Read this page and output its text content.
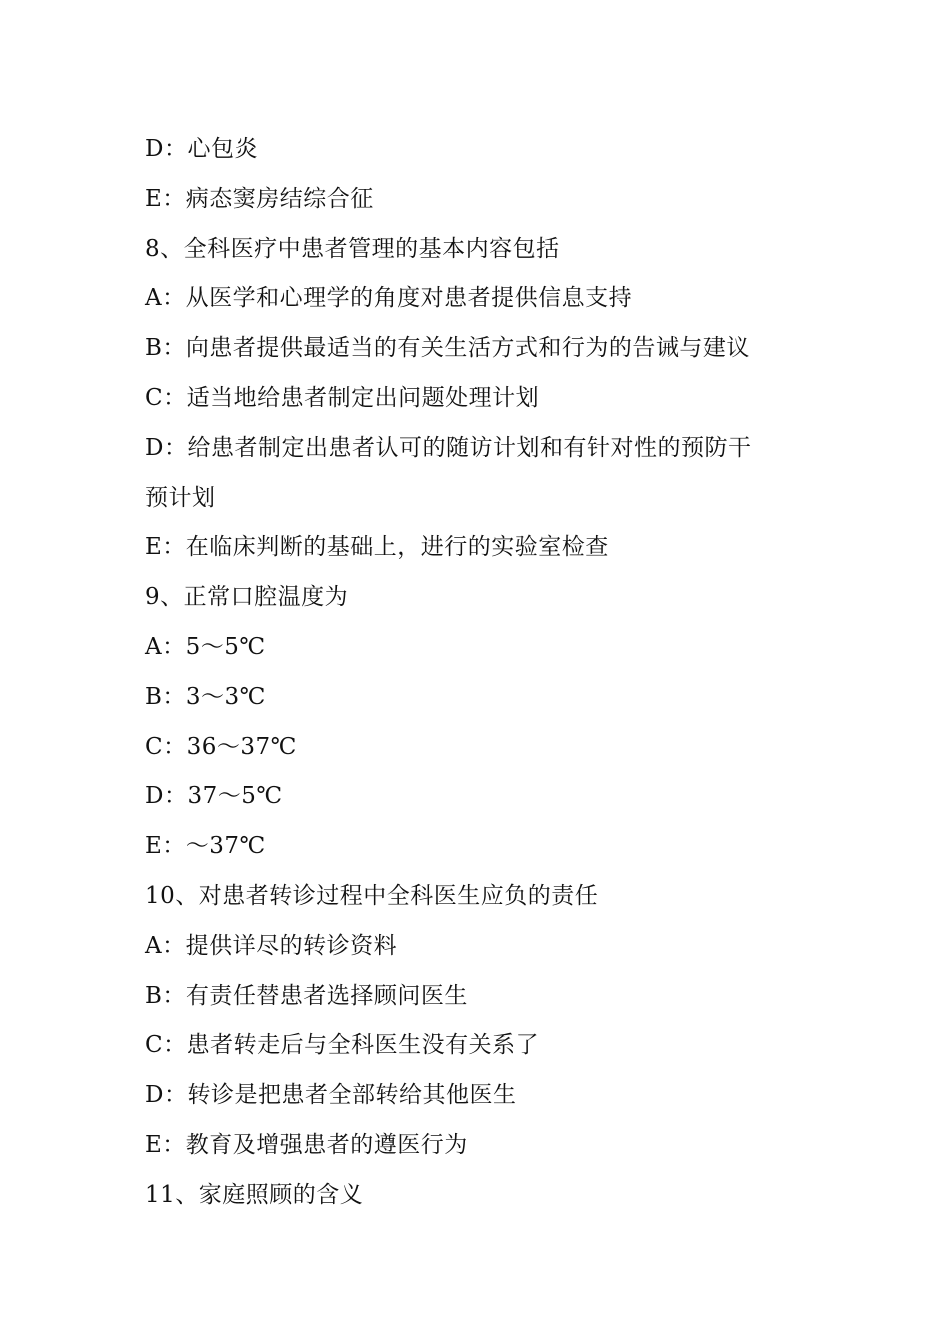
D：心包炎
E：病态窦房结综合征
8、全科医疗中患者管理的基本内容包括
A：从医学和心理学的角度对患者提供信息支持
B：向患者提供最适当的有关生活方式和行为的告诫与建议
C：适当地给患者制定出问题处理计划
D：给患者制定出患者认可的随访计划和有针对性的预防干
预计划
E：在临床判断的基础上，进行的实验室检查
9、正常口腔温度为
A：5～5℃
B：3～3℃
C：36～37℃
D：37～5℃
E：～37℃
10、对患者转诊过程中全科医生应负的责任
A：提供详尽的转诊资料
B：有责任替患者选择顾问医生
C：患者转走后与全科医生没有关系了
D：转诊是把患者全部转给其他医生
E：教育及增强患者的遵医行为
11、家庭照顾的含义
